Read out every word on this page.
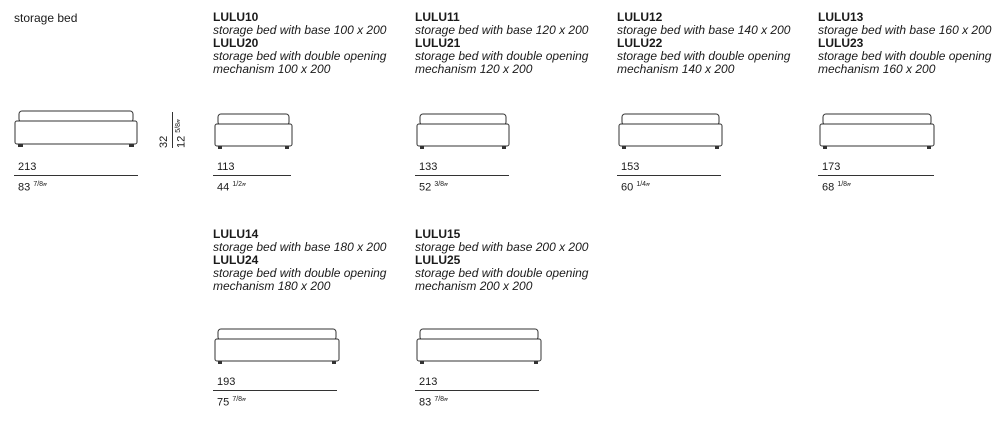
storage bed
213
83 $^{7/8}$″
32 12 $^{5/8}$″
LULU10
storage bed with base 100 x 200
LULU20
storage bed with double opening
mechanism 100 x 200
113
44 $^{1/2}$″
LULU11
storage bed with base 120 x 200
LULU21
storage bed with double opening
mechanism 120 x 200
133
52 $^{3/8}$″
LULU12
storage bed with base 140 x 200
LULU22
storage bed with double opening
mechanism 140 x 200
153
60 $^{1/4}$″
LULU13
storage bed with base 160 x 200
LULU23
storage bed with double opening
mechanism 160 x 200
173
68 $^{1/8}$″
LULU14
storage bed with base 180 x 200
LULU24
storage bed with double opening
mechanism 180 x 200
193
75 $^{7/8}$″
LULU15
storage bed with base 200 x 200
LULU25
storage bed with double opening
mechanism 200 x 200
213
83 $^{7/8}$″
